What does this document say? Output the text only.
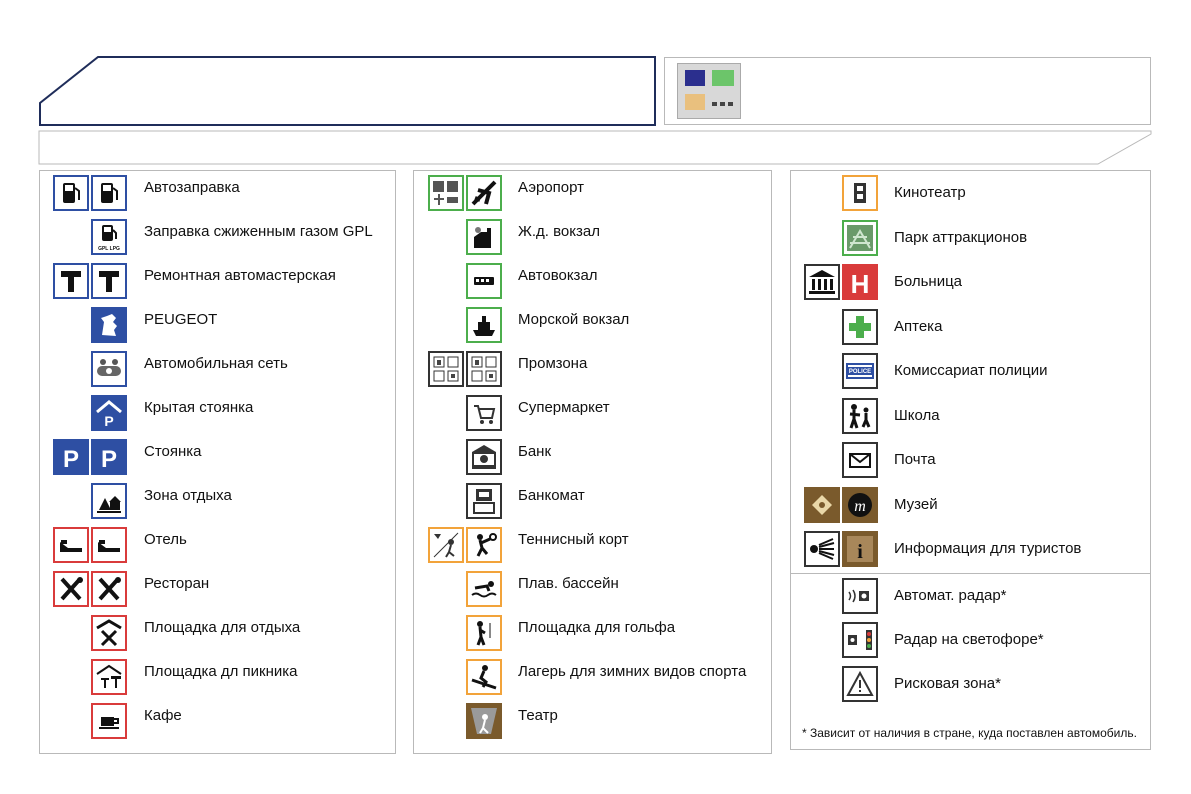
Автозаправка
GPL LPG
Заправка сжиженным газом GPL
Ремонтная автомастерская
PEUGEOT
Автомобильная сеть
P
Крытая стоянка
P P Стоянка
Зона отдыха
Отель
Ресторан
Площадка для отдыха
Площадка дл пикника
Кафе
Аэропорт
Ж.д. вокзал
Автовокзал
Морской вокзал
Промзона
Супермаркет
Банк
Банкомат
Теннисный корт
Плав. бассейн
Площадка для гольфа
Лагерь для зимних видов спорта
Театр
Кинотеатр
Парк аттракционов
H Больница
Аптека
POLICE	Комиссариат полиции
Школа
Почта
m Музей
i Информация для туристов
Автомат. радар*
Радар на светофоре*
Рисковая зона*
* Зависит от наличия в стране, куда поставлен автомобиль.
